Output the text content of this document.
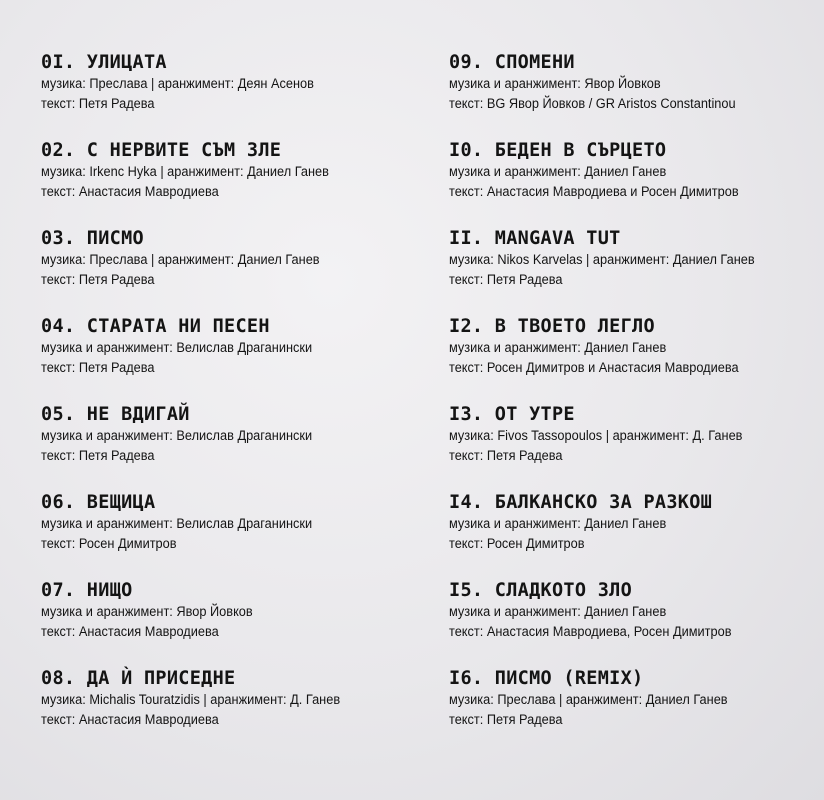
0I. УЛИЦАТА
музика: Преслава | аранжимент: Деян Асенов
текст: Петя Радева
02. С НЕРВИТЕ СЪМ ЗЛЕ
музика: Irkenc Hyka | аранжимент: Даниел Ганев
текст: Анастасия Мавродиева
03. ПИСМО
музика: Преслава | аранжимент: Даниел Ганев
текст: Петя Радева
04. СТАРАТА НИ ПЕСЕН
музика и аранжимент: Велислав Драганински
текст: Петя Радева
05. НЕ ВДИГАЙ
музика и аранжимент: Велислав Драганински
текст: Петя Радева
06. ВЕЩИЦА
музика и аранжимент: Велислав Драганински
текст: Росен Димитров
07. НИЩО
музика и аранжимент: Явор Йовков
текст: Анастасия Мавродиева
08. ДА Ѝ ПРИСЕДНЕ
музика: Michalis Touratzidis | аранжимент: Д. Ганев
текст: Анастасия Мавродиева
09. СПОМЕНИ
музика и аранжимент: Явор Йовков
текст: BG Явор Йовков / GR Aristos Constantinou
I0. БЕДЕН В СЪРЦЕТО
музика и аранжимент: Даниел Ганев
текст: Анастасия Мавродиева и Росен Димитров
II. MANGAVA TUT
музика: Nikos Karvelas | аранжимент: Даниел Ганев
текст: Петя Радева
I2. В ТВОЕТО ЛЕГЛО
музика и аранжимент: Даниел Ганев
текст: Росен Димитров и Анастасия Мавродиева
I3. ОТ УТРЕ
музика: Fivos Tassopoulos | аранжимент: Д. Ганев
текст: Петя Радева
I4. БАЛКАНСКО ЗА РАЗКОШ
музика и аранжимент: Даниел Ганев
текст: Росен Димитров
I5. СЛАДКОТО ЗЛО
музика и аранжимент: Даниел Ганев
текст: Анастасия Мавродиева, Росен Димитров
I6. ПИСМО (REMIX)
музика: Преслава | аранжимент: Даниел Ганев
текст: Петя Радева
